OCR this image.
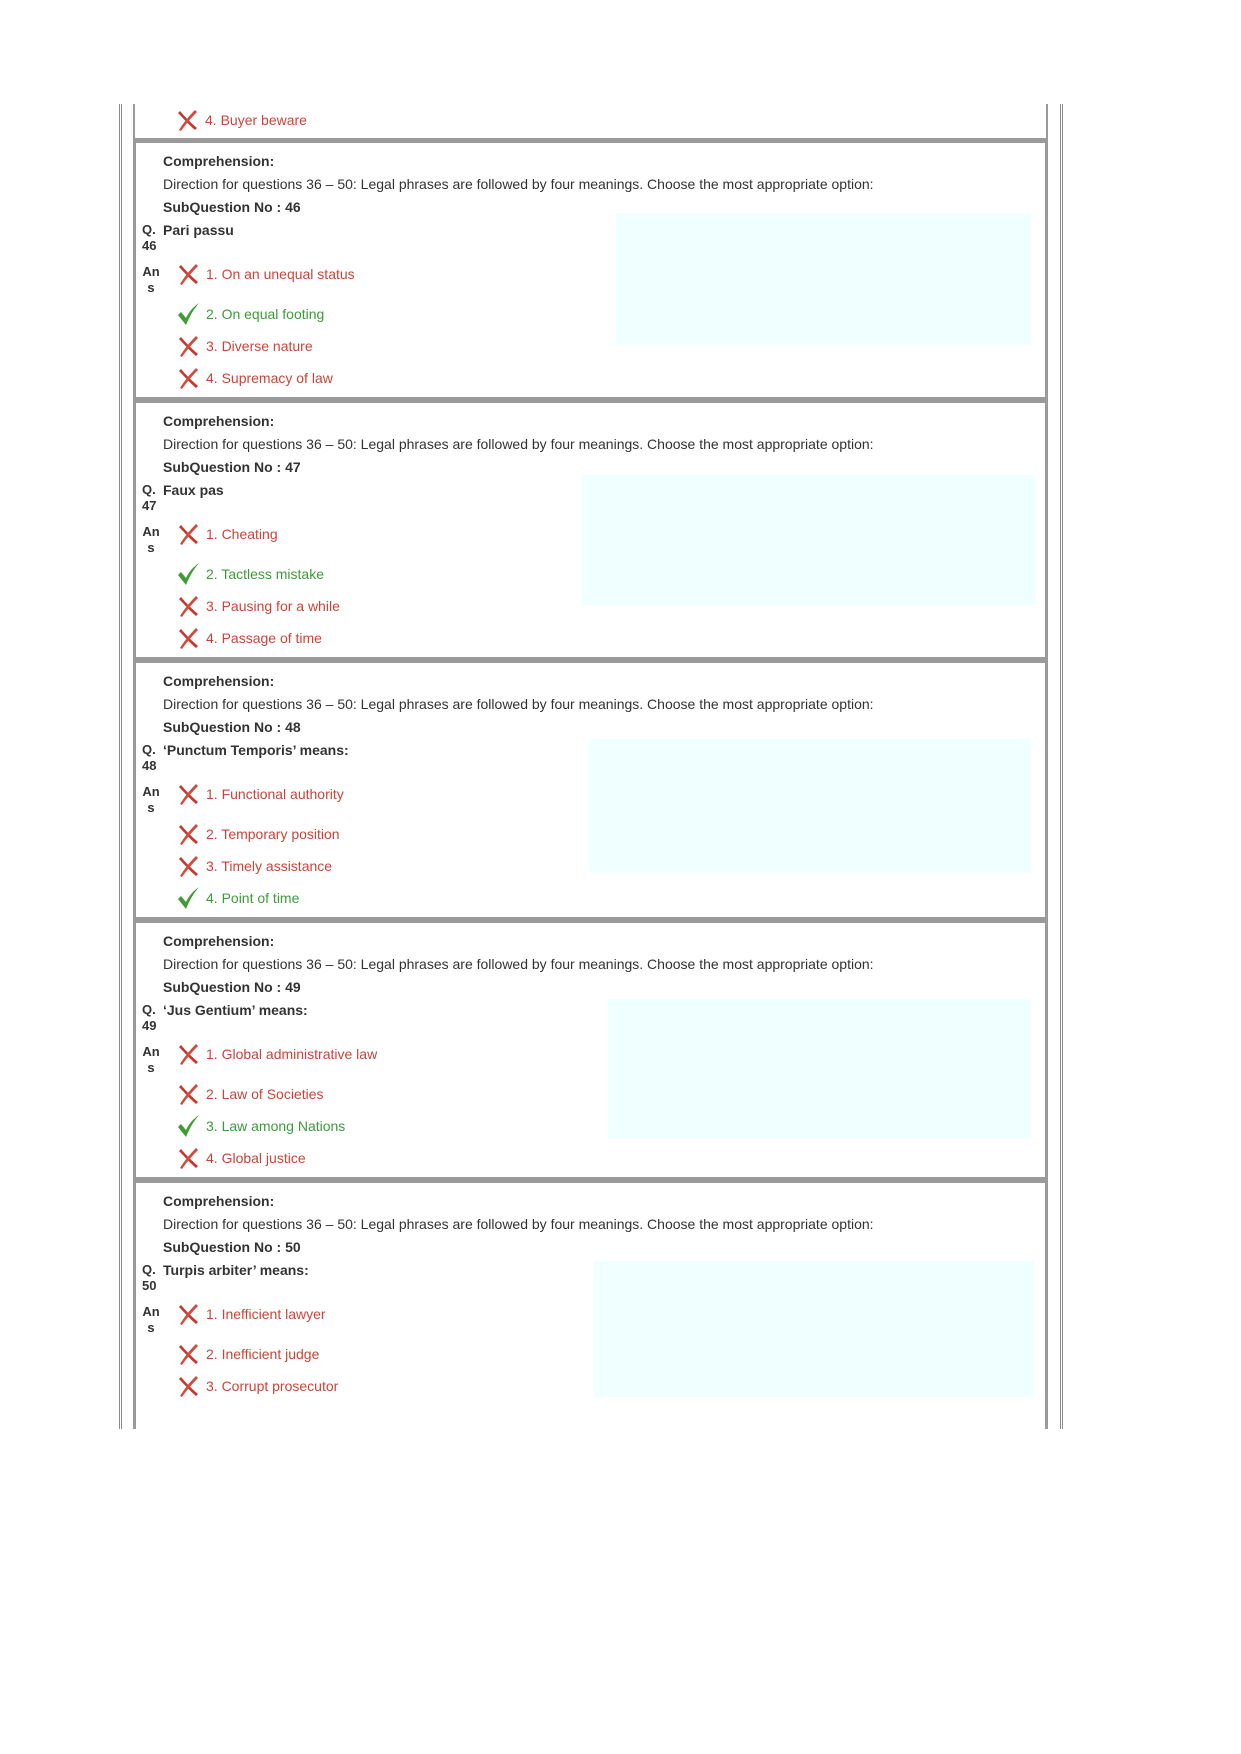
4. Buyer beware
Comprehension:
Direction for questions 36 – 50: Legal phrases are followed by four meanings. Choose the most appropriate option:
SubQuestion No : 46
Q. 46
Pari passu
An s
1. On an unequal status
2. On equal footing
3. Diverse nature
4. Supremacy of law
Comprehension:
Direction for questions 36 – 50: Legal phrases are followed by four meanings. Choose the most appropriate option:
SubQuestion No : 47
Q. 47
Faux pas
An s
1. Cheating
2. Tactless mistake
3. Pausing for a while
4. Passage of time
Comprehension:
Direction for questions 36 – 50: Legal phrases are followed by four meanings. Choose the most appropriate option:
SubQuestion No : 48
Q. 48
‘Punctum Temporis’ means:
An s
1. Functional authority
2. Temporary position
3. Timely assistance
4. Point of time
Comprehension:
Direction for questions 36 – 50: Legal phrases are followed by four meanings. Choose the most appropriate option:
SubQuestion No : 49
Q. 49
‘Jus Gentium’ means:
An s
1. Global administrative law
2. Law of Societies
3. Law among Nations
4. Global justice
Comprehension:
Direction for questions 36 – 50: Legal phrases are followed by four meanings. Choose the most appropriate option:
SubQuestion No : 50
Q. 50
Turpis arbiter’ means:
An s
1. Inefficient lawyer
2. Inefficient judge
3. Corrupt prosecutor
